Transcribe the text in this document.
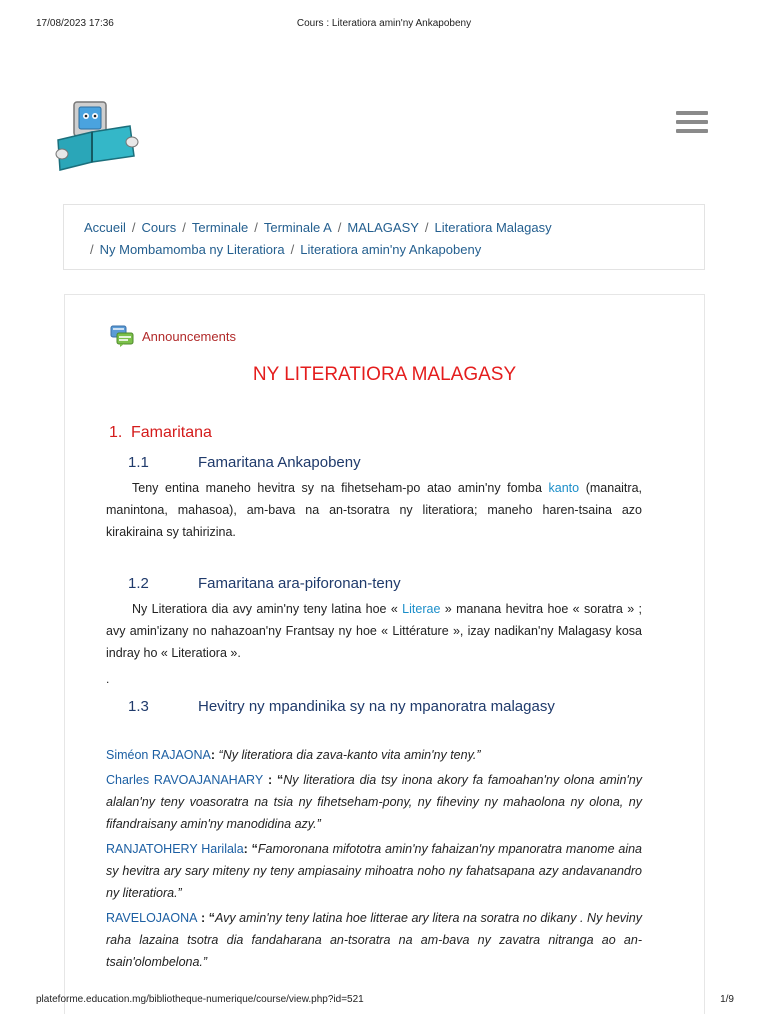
17/08/2023 17:36	Cours : Literatiora amin'ny Ankapobeny
Accueil / Cours / Terminale / Terminale A / MALAGASY / Literatiora Malagasy
/ Ny Mombamomba ny Literatiora / Literatiora amin'ny Ankapobeny
Announcements
NY LITERATIORA MALAGASY
1. Famaritana
1.1	Famaritana Ankapobeny
Teny entina maneho hevitra sy na fihetseham-po atao amin'ny fomba kanto (manaitra, manintona, mahasoa), am-bava na an-tsoratra ny literatiora; maneho haren-tsaina azo kirakiraina sy tahirizina.
1.2	Famaritana ara-piforonan-teny
Ny Literatiora dia avy amin'ny teny latina hoe « Literae » manana hevitra hoe « soratra » ; avy amin'izany no nahazoan'ny Frantsay ny hoe « Littérature », izay nadikan'ny Malagasy kosa indray ho « Literatiora ».
.
1.3	Hevitry ny mpandinika sy na ny mpanoratra malagasy
Siméon RAJAONA: “Ny literatiora dia zava-kanto vita amin'ny teny.”
Charles RAVOAJANAHARY : “Ny literatiora dia tsy inona akory fa famoahan'ny olona amin'ny alalan'ny teny voasoratra na tsia ny fihetseham-pony, ny fiheviny ny mahaolona ny olona, ny fifandraisany amin'ny manodidina azy.”
RANJATOHERY Harilala: “Famoronana mifototra amin'ny fahaizan'ny mpanoratra manome aina sy hevitra ary sary miteny ny teny ampiasainy mihoatra noho ny fahatsapana azy andavanandro ny literatiora.”
RAVELOJAONA : “Avy amin'ny teny latina hoe litterae ary litera na soratra no dikany . Ny heviny raha lazaina tsotra dia fandaharana an-tsoratra na am-bava ny zavatra nitranga ao an-tsain'olombelona.”
plateforme.education.mg/bibliotheque-numerique/course/view.php?id=521	1/9
